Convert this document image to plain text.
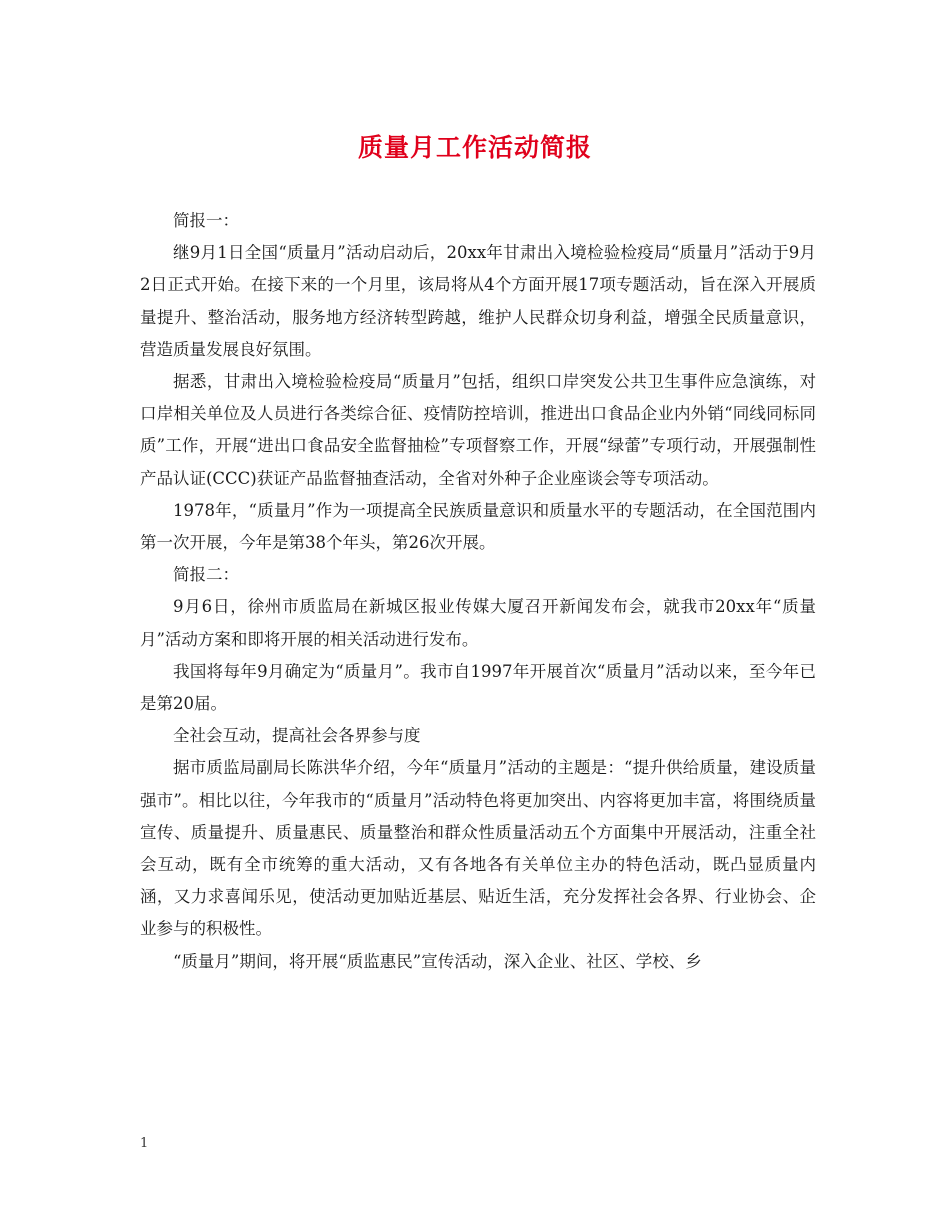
质量月工作活动简报

简报一：

继9月1日全国“质量月”活动启动后，20xx年甘肃出入境检验检疫局“质量月”活动于9月2日正式开始。在接下来的一个月里，该局将从4个方面开展17项专题活动，旨在深入开展质量提升、整治活动，服务地方经济转型跨越，维护人民群众切身利益，增强全民质量意识，营造质量发展良好氛围。

据悉，甘肃出入境检验检疫局“质量月”包括，组织口岸突发公共卫生事件应急演练，对口岸相关单位及人员进行各类综合征、疫情防控培训，推进出口食品企业内外销“同线同标同质”工作，开展“进出口食品安全监督抽检”专项督察工作，开展“绿蕾”专项行动，开展强制性产品认证(CCC)获证产品监督抽查活动，全省对外种子企业座谈会等专项活动。

1978年，“质量月”作为一项提高全民族质量意识和质量水平的专题活动，在全国范围内第一次开展，今年是第38个年头，第26次开展。

简报二：

9月6日，徐州市质监局在新城区报业传媒大厦召开新闻发布会，就我市20xx年“质量月”活动方案和即将开展的相关活动进行发布。

我国将每年9月确定为“质量月”。我市自1997年开展首次“质量月”活动以来，至今年已是第20届。

全社会互动，提高社会各界参与度

据市质监局副局长陈洪华介绍，今年“质量月”活动的主题是：“提升供给质量，建设质量强市”。相比以往，今年我市的“质量月”活动特色将更加突出、内容将更加丰富，将围绕质量宣传、质量提升、质量惠民、质量整治和群众性质量活动五个方面集中开展活动，注重全社会互动，既有全市统筹的重大活动，又有各地各有关单位主办的特色活动，既凸显质量内涵，又力求喜闻乐见，使活动更加贴近基层、贴近生活，充分发挥社会各界、行业协会、企业参与的积极性。

“质量月”期间，将开展“质监惠民”宣传活动，深入企业、社区、学校、乡

1
